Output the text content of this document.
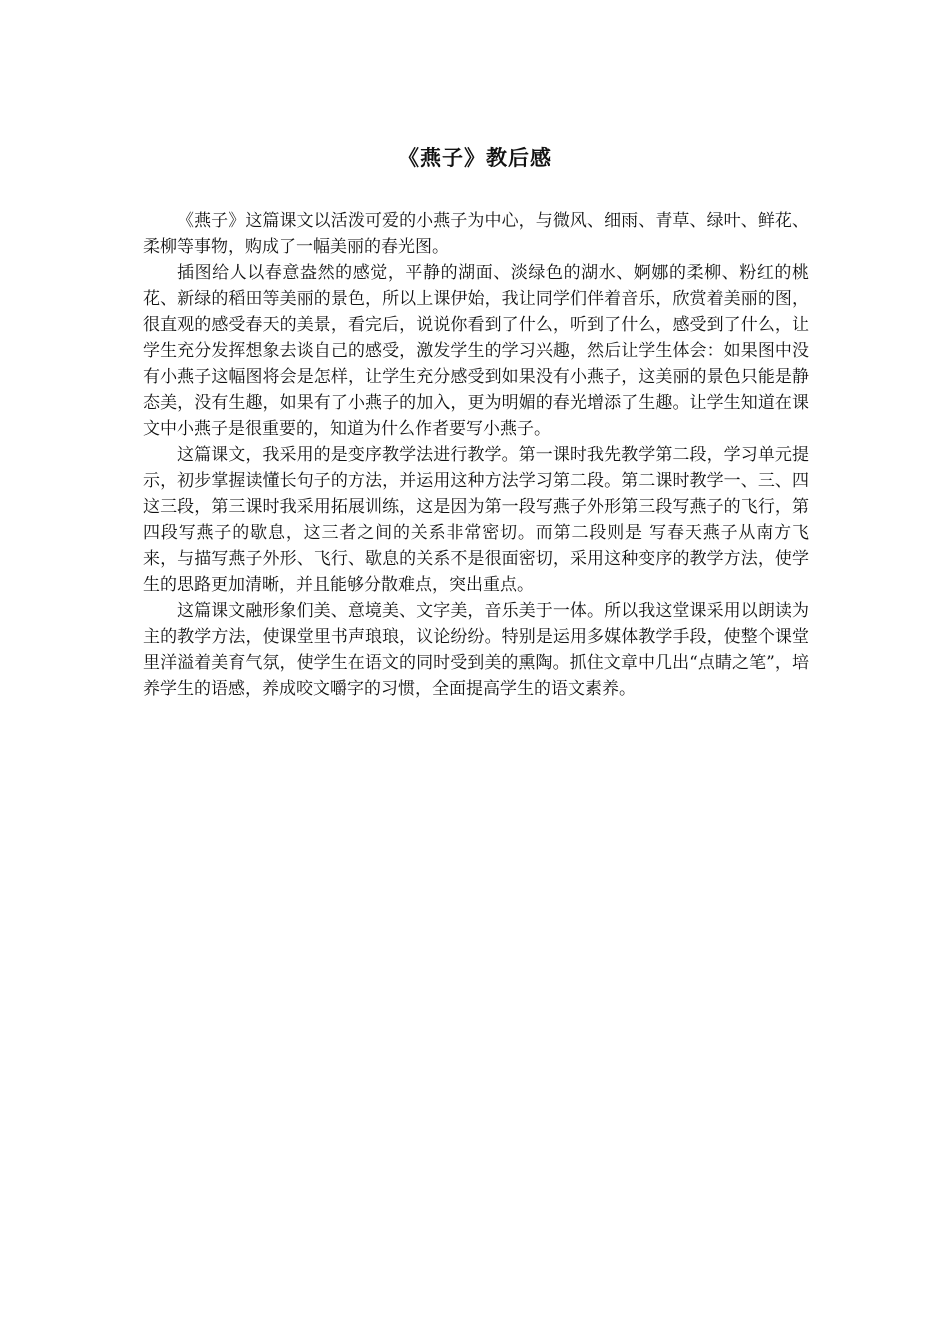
《燕子》教后感

《燕子》这篇课文以活泼可爱的小燕子为中心，与微风、细雨、青草、绿叶、鲜花、柔柳等事物，购成了一幅美丽的春光图。

插图给人以春意盎然的感觉，平静的湖面、淡绿色的湖水、婀娜的柔柳、粉红的桃花、新绿的稻田等美丽的景色，所以上课伊始，我让同学们伴着音乐，欣赏着美丽的图，很直观的感受春天的美景，看完后，说说你看到了什么，听到了什么，感受到了什么，让学生充分发挥想象去谈自己的感受，激发学生的学习兴趣，然后让学生体会：如果图中没有小燕子这幅图将会是怎样，让学生充分感受到如果没有小燕子，这美丽的景色只能是静态美，没有生趣，如果有了小燕子的加入，更为明媚的春光增添了生趣。让学生知道在课文中小燕子是很重要的，知道为什么作者要写小燕子。

这篇课文，我采用的是变序教学法进行教学。第一课时我先教学第二段，学习单元提示，初步掌握读懂长句子的方法，并运用这种方法学习第二段。第二课时教学一、三、四这三段，第三课时我采用拓展训练，这是因为第一段写燕子外形第三段写燕子的飞行，第四段写燕子的歇息，这三者之间的关系非常密切。而第二段则是 写春天燕子从南方飞来，与描写燕子外形、飞行、歇息的关系不是很面密切，采用这种变序的教学方法，使学生的思路更加清晰，并且能够分散难点，突出重点。

这篇课文融形象们美、意境美、文字美，音乐美于一体。所以我这堂课采用以朗读为主的教学方法，使课堂里书声琅琅，议论纷纷。特别是运用多媒体教学手段，使整个课堂里洋溢着美育气氛，使学生在语文的同时受到美的熏陶。抓住文章中几出“点睛之笔”，培养学生的语感，养成咬文嚼字的习惯，全面提高学生的语文素养。
